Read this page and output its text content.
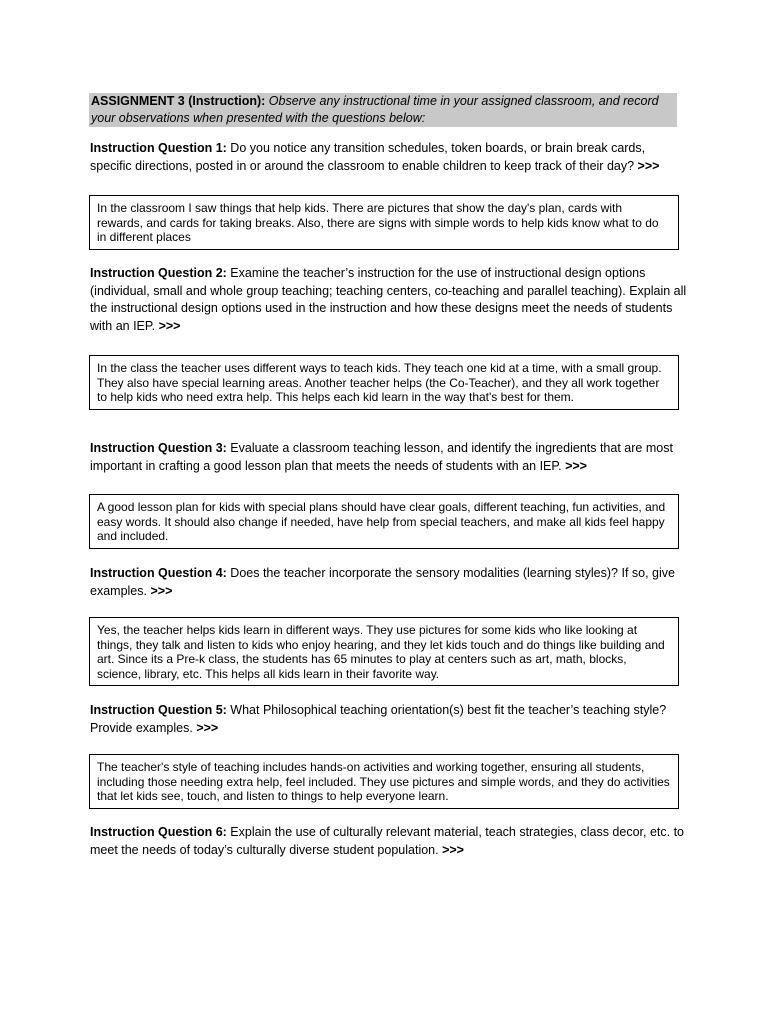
ASSIGNMENT 3 (Instruction): Observe any instructional time in your assigned classroom, and record your observations when presented with the questions below:
Instruction Question 1: Do you notice any transition schedules, token boards, or brain break cards, specific directions, posted in or around the classroom to enable children to keep track of their day? >>>
In the classroom I saw things that help kids. There are pictures that show the day's plan, cards with rewards, and cards for taking breaks. Also, there are signs with simple words to help kids know what to do in different places
Instruction Question 2: Examine the teacher’s instruction for the use of instructional design options (individual, small and whole group teaching; teaching centers, co-teaching and parallel teaching). Explain all the instructional design options used in the instruction and how these designs meet the needs of students with an IEP. >>>
In the class the teacher uses different ways to teach kids. They teach one kid at a time, with a small group. They also have special learning areas. Another teacher helps (the Co-Teacher), and they all work together to help kids who need extra help. This helps each kid learn in the way that's best for them.
Instruction Question 3: Evaluate a classroom teaching lesson, and identify the ingredients that are most important in crafting a good lesson plan that meets the needs of students with an IEP. >>>
A good lesson plan for kids with special plans should have clear goals, different teaching, fun activities, and easy words. It should also change if needed, have help from special teachers, and make all kids feel happy and included.
Instruction Question 4: Does the teacher incorporate the sensory modalities (learning styles)? If so, give examples. >>>
Yes, the teacher helps kids learn in different ways. They use pictures for some kids who like looking at things, they talk and listen to kids who enjoy hearing, and they let kids touch and do things like building and art. Since its a Pre-k class, the students has 65 minutes to play at centers such as art, math, blocks, science, library, etc. This helps all kids learn in their favorite way.
Instruction Question 5: What Philosophical teaching orientation(s) best fit the teacher’s teaching style? Provide examples. >>>
The teacher's style of teaching includes hands-on activities and working together, ensuring all students, including those needing extra help, feel included. They use pictures and simple words, and they do activities that let kids see, touch, and listen to things to help everyone learn.
Instruction Question 6: Explain the use of culturally relevant material, teach strategies, class decor, etc. to meet the needs of today’s culturally diverse student population. >>>
